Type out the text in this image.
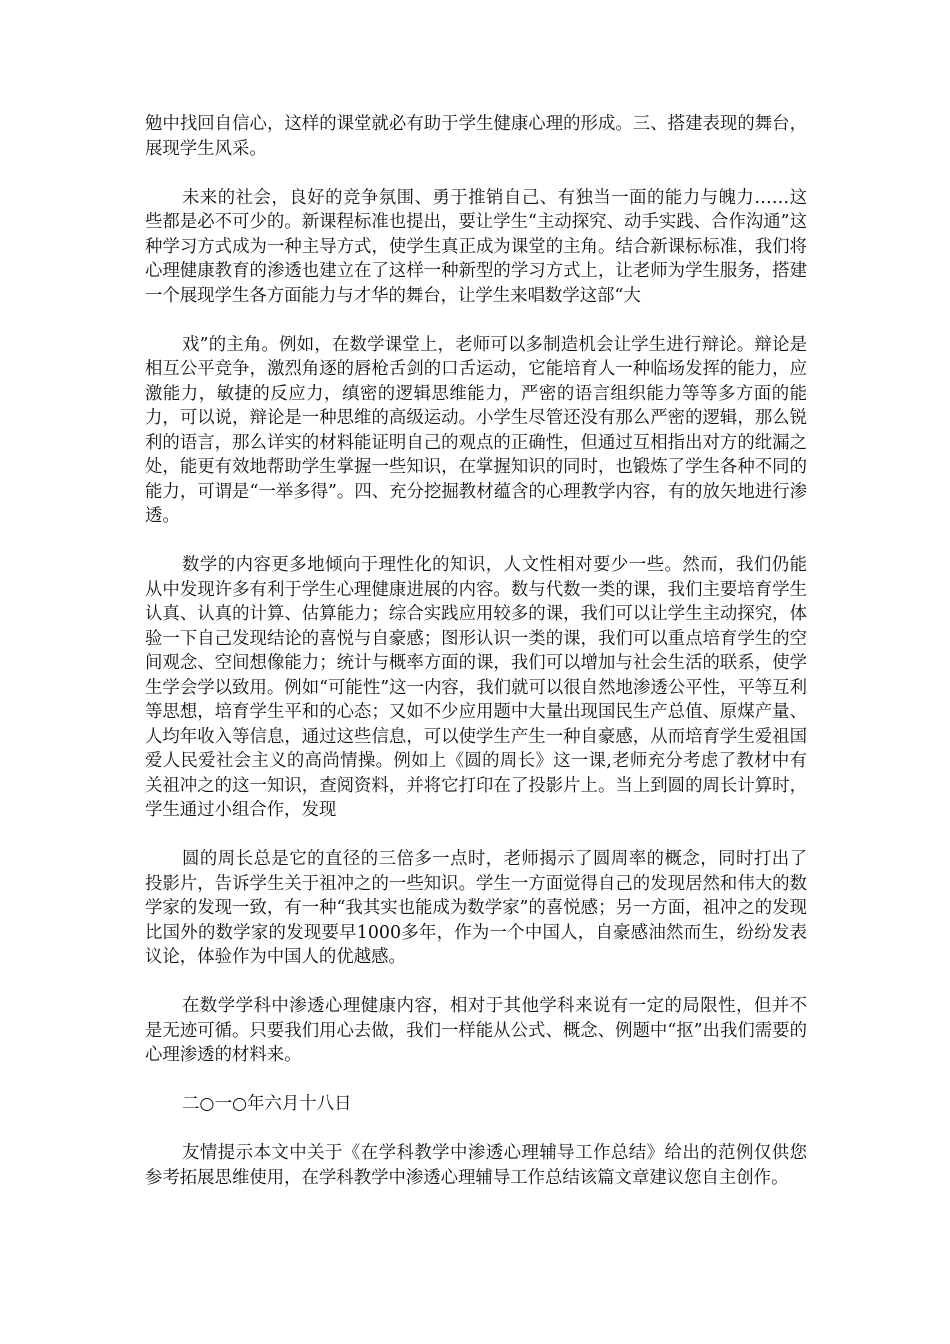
勉中找回自信心，这样的课堂就必有助于学生健康心理的形成。三、搭建表现的舞台，展现学生风采。

未来的社会，良好的竞争氛围、勇于推销自己、有独当一面的能力与魄力……这些都是必不可少的。新课程标准也提出，要让学生“主动探究、动手实践、合作沟通”这种学习方式成为一种主导方式，使学生真正成为课堂的主角。结合新课标标准，我们将心理健康教育的渗透也建立在了这样一种新型的学习方式上，让老师为学生服务，搭建一个展现学生各方面能力与才华的舞台，让学生来唱数学这部“大

戏”的主角。例如，在数学课堂上，老师可以多制造机会让学生进行辩论。辩论是相互公平竞争，激烈角逐的唇枪舌剑的口舌运动，它能培育人一种临场发挥的能力，应激能力，敏捷的反应力，缜密的逻辑思维能力，严密的语言组织能力等等多方面的能力，可以说，辩论是一种思维的高级运动。小学生尽管还没有那么严密的逻辑，那么锐利的语言，那么详实的材料能证明自己的观点的正确性，但通过互相指出对方的纰漏之处，能更有效地帮助学生掌握一些知识，在掌握知识的同时，也锻炼了学生各种不同的能力，可谓是“一举多得”。四、充分挖掘教材蕴含的心理教学内容，有的放矢地进行渗透。

数学的内容更多地倾向于理性化的知识，人文性相对要少一些。然而，我们仍能从中发现许多有利于学生心理健康进展的内容。数与代数一类的课，我们主要培育学生认真、认真的计算、估算能力；综合实践应用较多的课，我们可以让学生主动探究，体验一下自己发现结论的喜悦与自豪感；图形认识一类的课，我们可以重点培育学生的空间观念、空间想像能力；统计与概率方面的课，我们可以增加与社会生活的联系，使学生学会学以致用。例如“可能性”这一内容，我们就可以很自然地渗透公平性，平等互利等思想，培育学生平和的心态；又如不少应用题中大量出现国民生产总值、原煤产量、人均年收入等信息，通过这些信息，可以使学生产生一种自豪感，从而培育学生爱祖国爱人民爱社会主义的高尚情操。例如上《圆的周长》这一课,老师充分考虑了教材中有关祖冲之的这一知识，查阅资料，并将它打印在了投影片上。当上到圆的周长计算时，学生通过小组合作，发现

圆的周长总是它的直径的三倍多一点时，老师揭示了圆周率的概念，同时打出了投影片，告诉学生关于祖冲之的一些知识。学生一方面觉得自己的发现居然和伟大的数学家的发现一致，有一种“我其实也能成为数学家”的喜悦感；另一方面，祖冲之的发现比国外的数学家的发现要早1000多年，作为一个中国人，自豪感油然而生，纷纷发表议论，体验作为中国人的优越感。

在数学学科中渗透心理健康内容，相对于其他学科来说有一定的局限性，但并不是无迹可循。只要我们用心去做，我们一样能从公式、概念、例题中“抠”出我们需要的心理渗透的材料来。

二○一○年六月十八日

友情提示本文中关于《在学科教学中渗透心理辅导工作总结》给出的范例仅供您参考拓展思维使用，在学科教学中渗透心理辅导工作总结该篇文章建议您自主创作。
